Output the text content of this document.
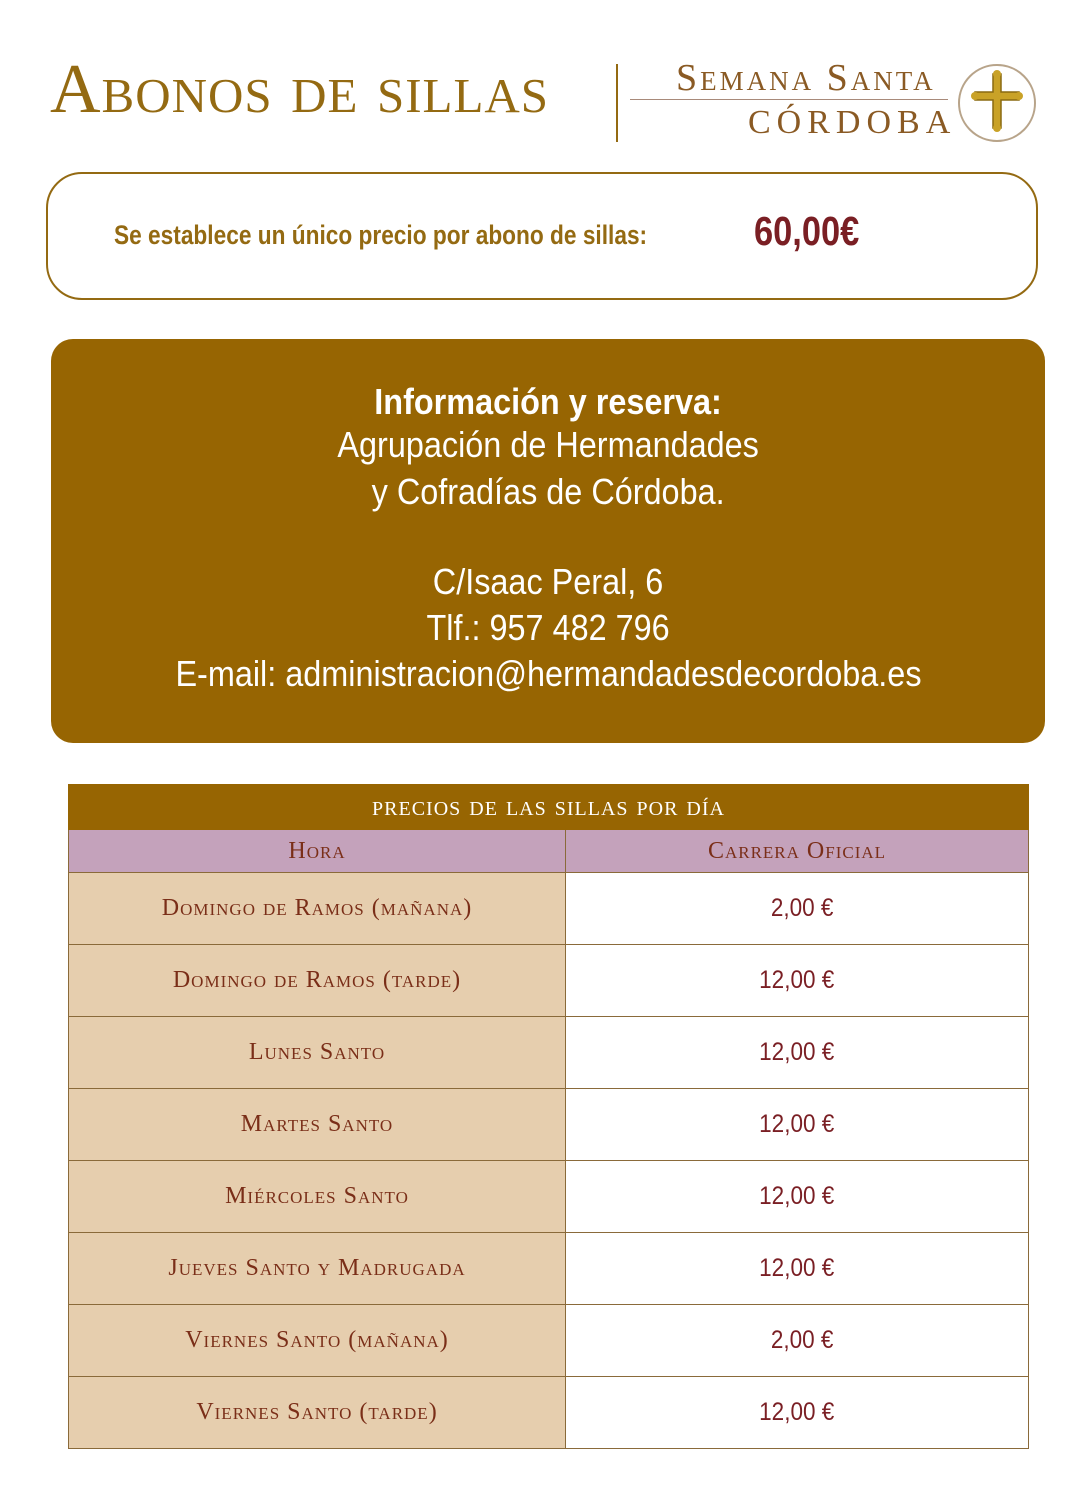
Abonos de sillas	Semana Santa
CÓRDOBA
Se establece un único precio por abono de sillas:	60,00€
Información y reserva:
Agrupación de Hermandades
y Cofradías de Córdoba.
C/Isaac Peral, 6
Tlf.: 957 482 796
E-mail: administracion@hermandadesdecordoba.es
precios de las sillas por día	
Hora	Carrera Oficial
Domingo de Ramos (mañana)	2,00 €
Domingo de Ramos (tarde)	12,00 €
Lunes Santo	12,00 €
Martes Santo	12,00 €
Miércoles Santo	12,00 €
Jueves Santo y Madrugada	12,00 €
Viernes Santo (mañana)	2,00 €
Viernes Santo (tarde)	12,00 €
